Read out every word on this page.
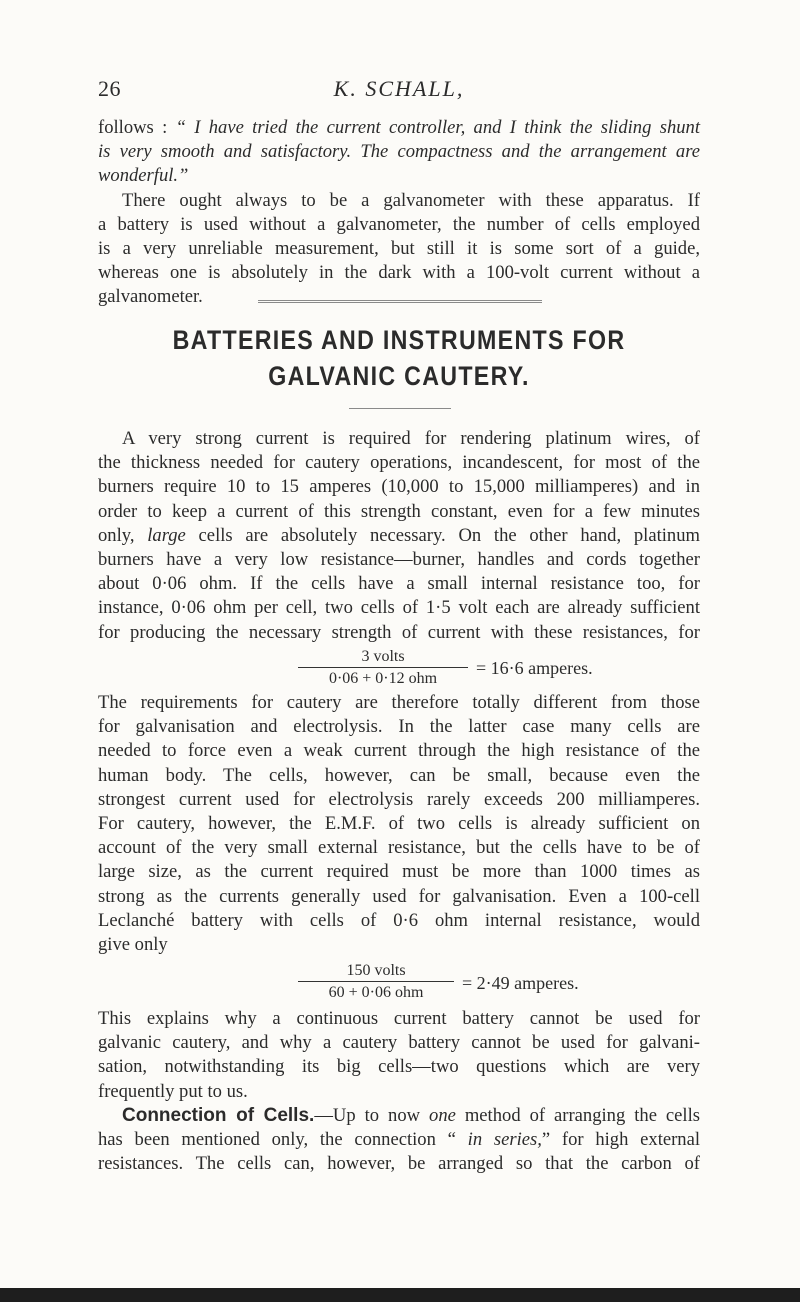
26	K. SCHALL,
follows : “ I have tried the current controller, and I think the sliding shunt
is very smooth and satisfactory. The compactness and the arrangement are
wonderful.”
There ought always to be a galvanometer with these apparatus. If
a battery is used without a galvanometer, the number of cells employed
is a very unreliable measurement, but still it is some sort of a guide,
whereas one is absolutely in the dark with a 100-volt current without a
galvanometer.
BATTERIES AND INSTRUMENTS FOR
GALVANIC CAUTERY.
A very strong current is required for rendering platinum wires, of
the thickness needed for cautery operations, incandescent, for most of the
burners require 10 to 15 amperes (10,000 to 15,000 milliamperes) and in
order to keep a current of this strength constant, even for a few minutes
only, large cells are absolutely necessary. On the other hand, platinum
burners have a very low resistance—burner, handles and cords together
about 0·06 ohm. If the cells have a small internal resistance too, for
instance, 0·06 ohm per cell, two cells of 1·5 volt each are already sufficient
for producing the necessary strength of current with these resistances, for
3 volts
0·06 + 0·12 ohm
= 16·6 amperes.
The requirements for cautery are therefore totally different from those
for galvanisation and electrolysis. In the latter case many cells are
needed to force even a weak current through the high resistance of the
human body. The cells, however, can be small, because even the
strongest current used for electrolysis rarely exceeds 200 milliamperes.
For cautery, however, the E.M.F. of two cells is already sufficient on
account of the very small external resistance, but the cells have to be of
large size, as the current required must be more than 1000 times as
strong as the currents generally used for galvanisation. Even a 100-cell
Leclanché battery with cells of 0·6 ohm internal resistance, would
give only
150 volts
60 + 0·06 ohm	= 2·49 amperes.
This explains why a continuous current battery cannot be used for
galvanic cautery, and why a cautery battery cannot be used for galvani-
sation, notwithstanding its big cells—two questions which are very
frequently put to us.
Connection of Cells.—Up to now one method of arranging the cells
has been mentioned only, the connection “ in series,” for high external
resistances. The cells can, however, be arranged so that the carbon of
